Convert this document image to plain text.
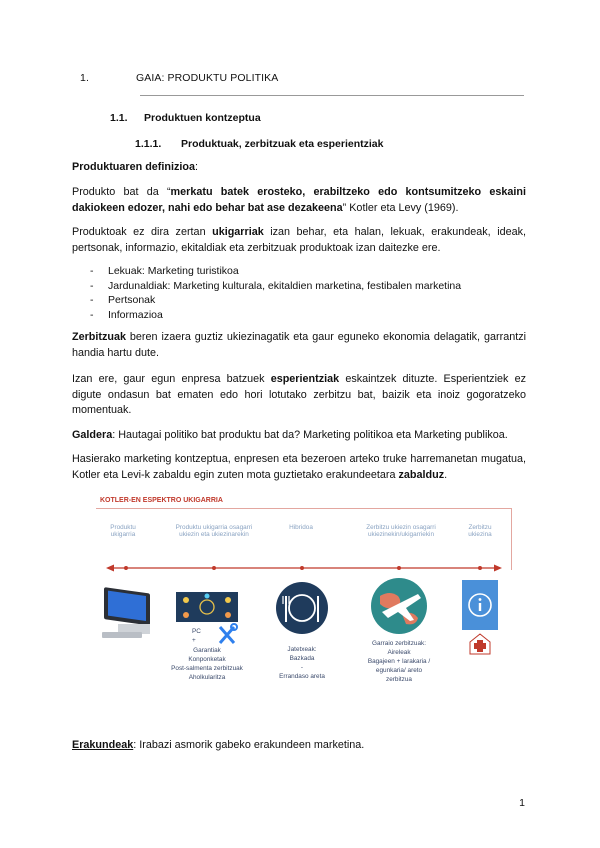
1.	GAIA: PRODUKTU POLITIKA
1.1. Produktuen kontzeptua
1.1.1. Produktuak, zerbitzuak eta esperientziak
Produktuaren definizioa:
Produkto bat da “merkatu batek erosteko, erabiltzeko edo kontsumitzeko eskaini dakiokeen edozer, nahi edo behar bat ase dezakeena” Kotler eta Levy (1969).
Produktoak ez dira zertan ukigarriak izan behar, eta halan, lekuak, erakundeak, ideak, pertsonak, informazio, ekitaldiak eta zerbitzuak produktoak izan daitezke ere.
- Lekuak: Marketing turistikoa
- Jardunaldiak: Marketing kulturala, ekitaldien marketina, festibalen marketina
- Pertsonak
- Informazioa
Zerbitzuak beren izaera guztiz ukiezinagatik eta gaur eguneko ekonomia delagatik, garrantzi handia hartu dute.
Izan ere, gaur egun enpresa batzuek esperientziak eskaintzek dituzte. Esperientziek ez digute ondasun bat ematen edo hori lotutako zerbitzu bat, baizik eta inoiz gogoratzeko momentuak.
Galdera: Hautagai politiko bat produktu bat da? Marketing politikoa eta Marketing publikoa.
Hasierako marketing kontzeptua, enpresen eta bezeroen arteko truke harremanetan mugatua, Kotler eta Levi-k zabaldu egin zuten mota guztietako erakundeetara zabalduz.
KOTLER-EN ESPEKTRO UKIGARRIA
Produktu ukigarria
Produktu ukigarria osagarri ukiezin eta ukiezinarekin
Hibridoa	Zerbitzu ukiezin osagarri ukiezinekin/ukigarriekin
Zerbitzu ukiezina
PC
+
Garantiak
Konponketak
Post-salmenta zerbitzuak
Aholkularitza
Jatetxeak:
Bazkada
-
Errandaso areta
Garraio zerbitzuak:
Aireleak
Bagajeen + larakaria /
egunkaria/ areto
zerbitzua
Erakundeak: Irabazi asmorik gabeko erakundeen marketina.
1
